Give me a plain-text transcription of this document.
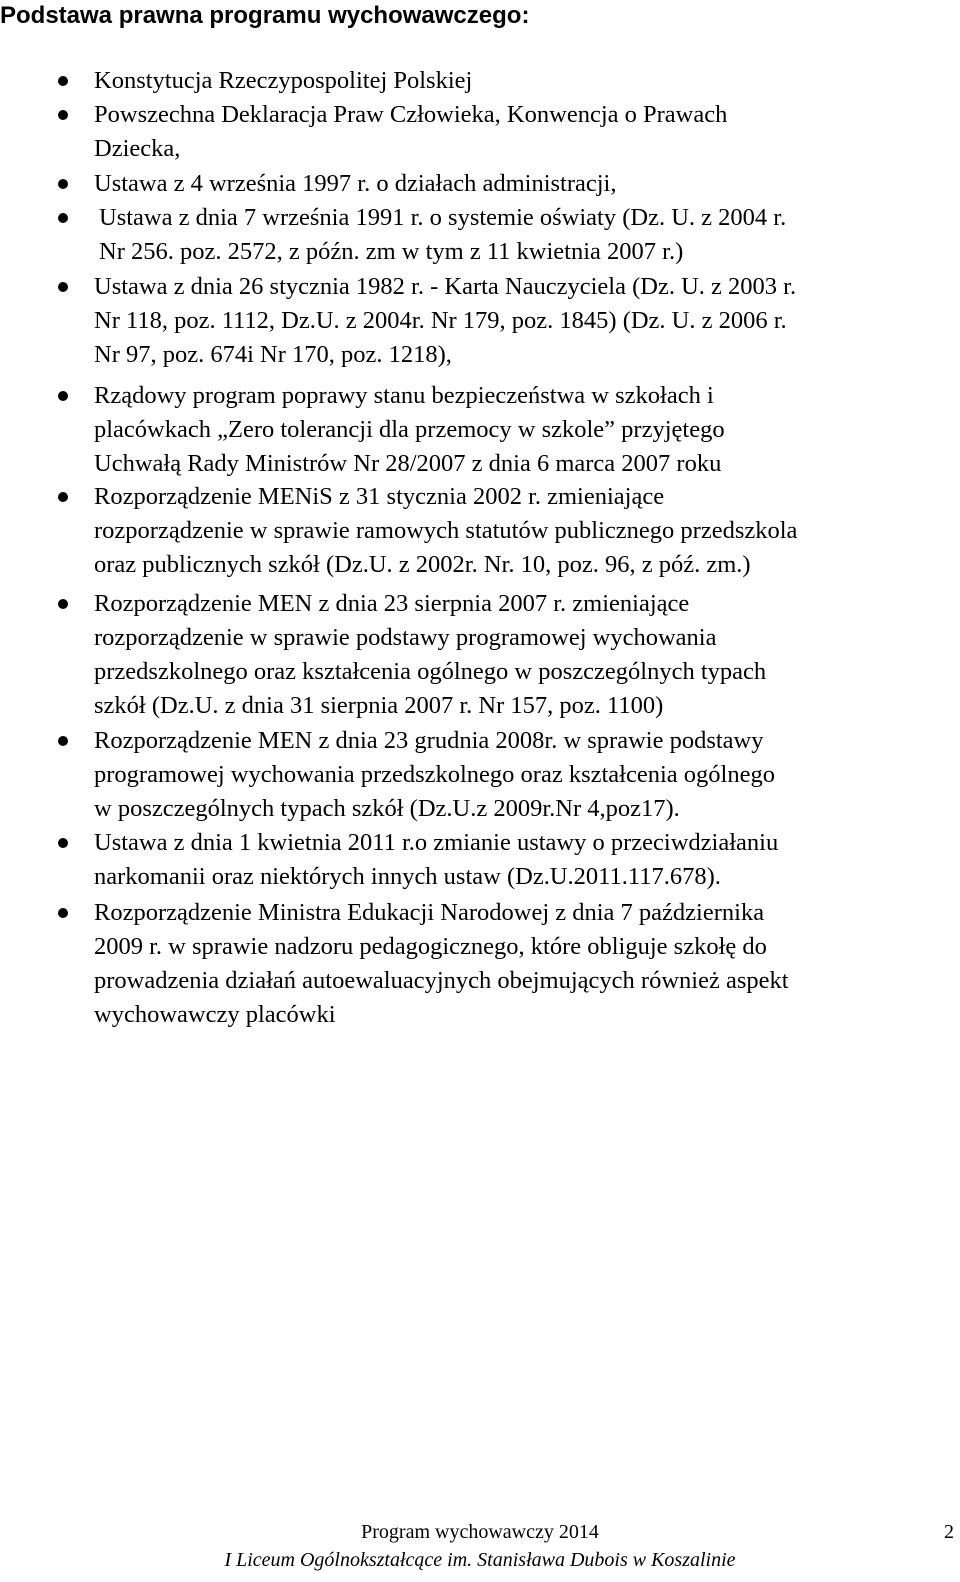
Podstawa prawna programu wychowawczego:
Konstytucja Rzeczypospolitej Polskiej
Powszechna Deklaracja Praw Człowieka, Konwencja o Prawach
Dziecka,
Ustawa z 4 września 1997 r. o działach administracji,
Ustawa z dnia 7 września 1991 r. o systemie oświaty (Dz. U. z 2004 r.
Nr 256. poz. 2572, z późn. zm w tym z 11 kwietnia 2007 r.)
Ustawa z dnia 26 stycznia 1982 r. - Karta Nauczyciela (Dz. U. z 2003 r.
Nr 118, poz. 1112, Dz.U. z 2004r. Nr 179, poz. 1845) (Dz. U. z 2006 r.
Nr 97, poz. 674i Nr 170, poz. 1218),
Rządowy program poprawy stanu bezpieczeństwa w szkołach i
placówkach „Zero tolerancji dla przemocy w szkole” przyjętego
Uchwałą Rady Ministrów Nr 28/2007 z dnia 6 marca 2007 roku
Rozporządzenie MENiS z 31 stycznia 2002 r. zmieniające
rozporządzenie w sprawie ramowych statutów publicznego przedszkola
oraz publicznych szkół (Dz.U. z 2002r. Nr. 10, poz. 96, z póź. zm.)
Rozporządzenie MEN z dnia 23 sierpnia 2007 r. zmieniające
rozporządzenie w sprawie podstawy programowej wychowania
przedszkolnego oraz kształcenia ogólnego w poszczególnych typach
szkół (Dz.U. z dnia 31 sierpnia 2007 r. Nr 157, poz. 1100)
Rozporządzenie MEN z dnia 23 grudnia 2008r. w sprawie podstawy
programowej wychowania przedszkolnego oraz kształcenia ogólnego
w poszczególnych typach szkół (Dz.U.z 2009r.Nr 4,poz17).
Ustawa z dnia 1 kwietnia 2011 r.o zmianie ustawy o przeciwdziałaniu
narkomanii oraz niektórych innych ustaw (Dz.U.2011.117.678).
Rozporządzenie Ministra Edukacji Narodowej z dnia 7 października
2009 r. w sprawie nadzoru pedagogicznego, które obliguje szkołę do
prowadzenia działań autoewaluacyjnych obejmujących również aspekt
wychowawczy placówki
Program wychowawczy 2014
I Liceum Ogólnokształcące im. Stanisława Dubois w Koszalinie
2
